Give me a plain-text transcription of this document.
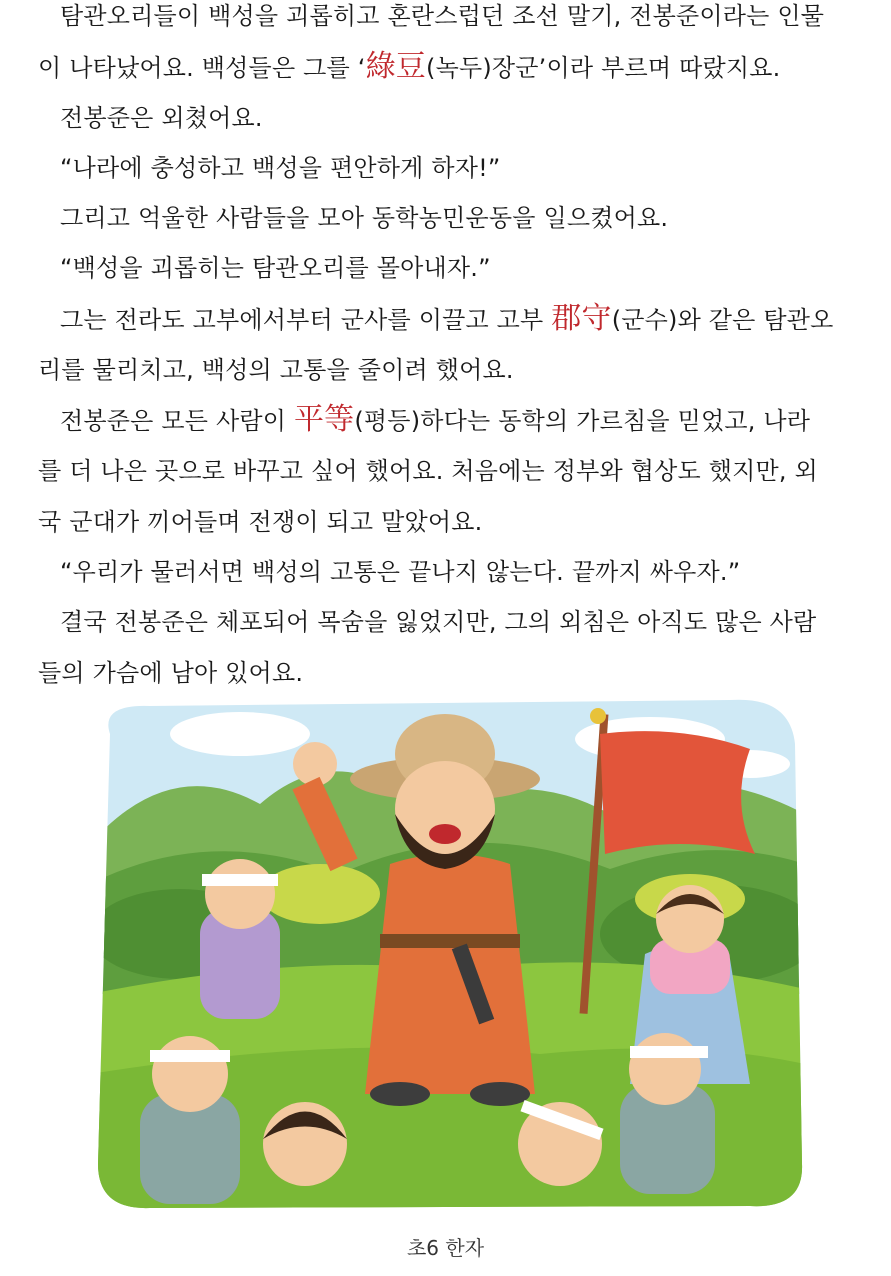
탐관오리들이 백성을 괴롭히고 혼란스럽던 조선 말기, 전봉준이라는 인물
이 나타났어요. 백성들은 그를 ‘綠豆(녹두)장군’이라 부르며 따랐지요.
전봉준은 외쳤어요.
“나라에 충성하고 백성을 편안하게 하자!”
그리고 억울한 사람들을 모아 동학농민운동을 일으켰어요.
“백성을 괴롭히는 탐관오리를 몰아내자.”
그는 전라도 고부에서부터 군사를 이끌고 고부 郡守(군수)와 같은 탐관오
리를 물리치고, 백성의 고통을 줄이려 했어요.
전봉준은 모든 사람이 平等(평등)하다는 동학의 가르침을 믿었고, 나라
를 더 나은 곳으로 바꾸고 싶어 했어요. 처음에는 정부와 협상도 했지만, 외
국 군대가 끼어들며 전쟁이 되고 말았어요.
“우리가 물러서면 백성의 고통은 끝나지 않는다. 끝까지 싸우자.”
결국 전봉준은 체포되어 목숨을 잃었지만, 그의 외침은 아직도 많은 사람
들의 가슴에 남아 있어요.
초6 한자
